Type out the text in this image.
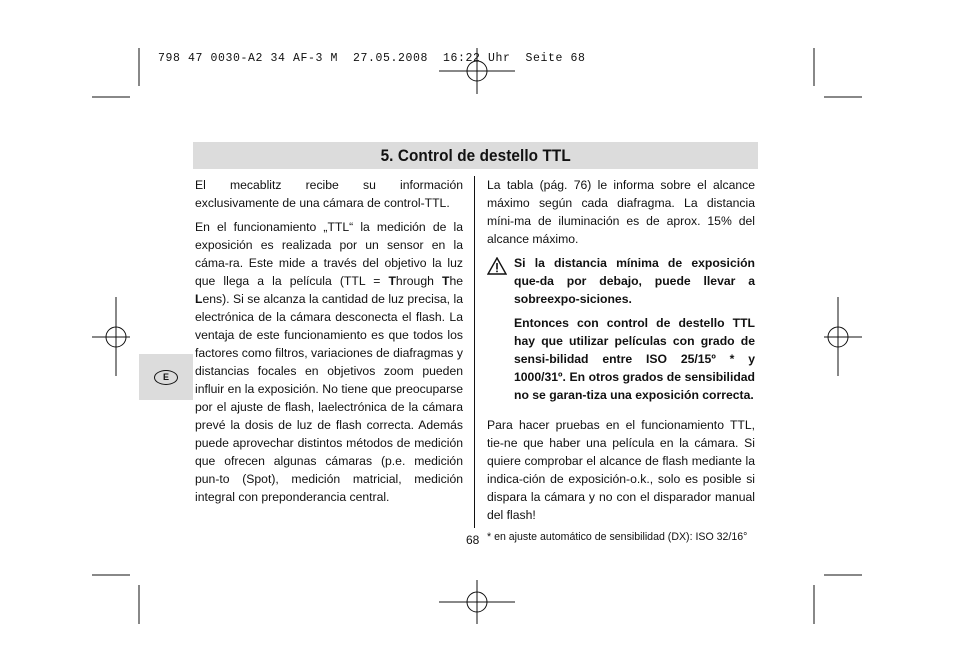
798 47 0030-A2 34 AF-3 M  27.05.2008  16:22 Uhr  Seite 68
5. Control de destello TTL
E

El mecablitz recibe su información exclusivamente de una cámara de control-TTL.

En el funcionamiento „TTL“ la medición de la exposición es realizada por un sensor en la cáma-ra. Este mide a través del objetivo la luz que llega a la película (TTL = Through The Lens). Si se alcanza la cantidad de luz precisa, la electrónica de la cámara desconecta el flash. La ventaja de este funcionamiento es que todos los factores como filtros, variaciones de diafragmas y distancias focales en objetivos zoom pueden influir en la exposición. No tiene que preocuparse por el ajuste de flash, laelectrónica de la cámara prevé la dosis de luz de flash correcta. Además puede aprovechar distintos métodos de medición que ofrecen algunas cámaras (p.e. medición pun-to (Spot), medición matricial, medición integral con preponderancia central.

La tabla (pág. 76) le informa sobre el alcance máximo según cada diafragma. La distancia míni-ma de iluminación es de aprox. 15% del alcance máximo.

Si la distancia mínima de exposición que-da por debajo, puede llevar a sobreexpo-siciones.

Entonces con control de destello TTL hay que utilizar películas con grado de sensi-bilidad entre ISO 25/15º * y 1000/31º. En otros grados de sensibilidad no se garan-tiza una exposición correcta.

Para hacer pruebas en el funcionamiento TTL, tie-ne que haber una película en la cámara. Si quiere comprobar el alcance de flash mediante la indica-ción de exposición-o.k., solo es posible si dispara la cámara y no con el disparador manual del flash!

* en ajuste automático de sensibilidad (DX): ISO 32/16°
68
